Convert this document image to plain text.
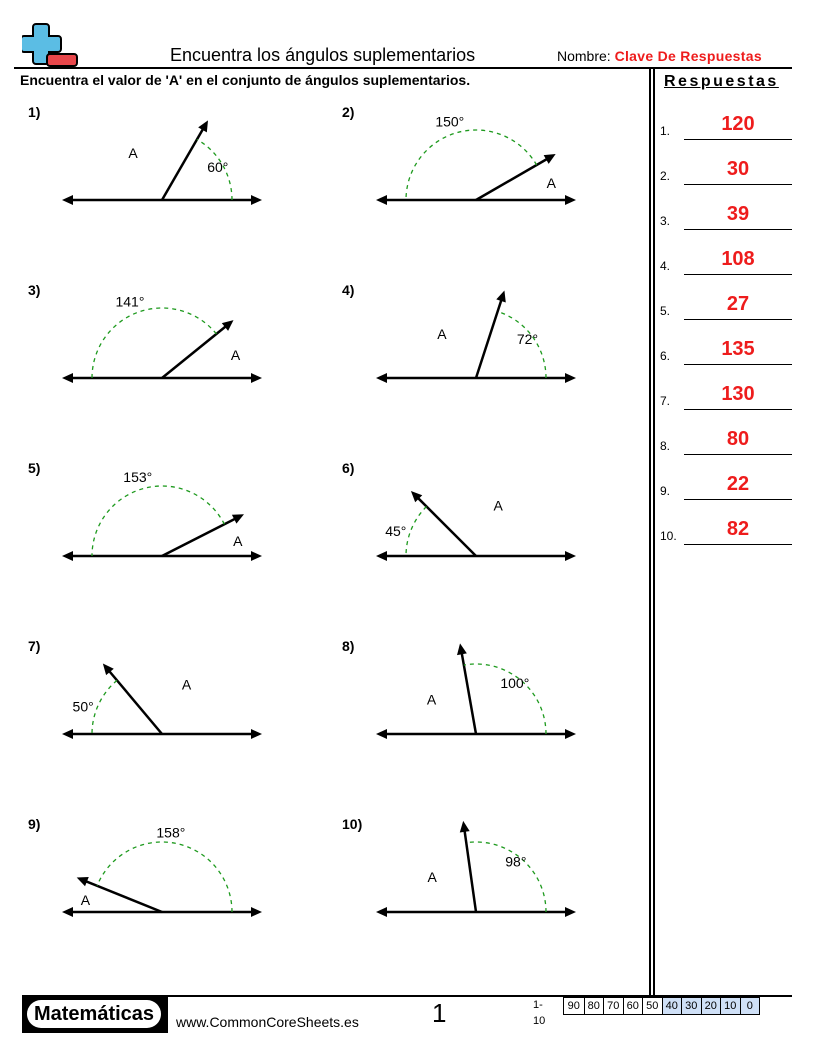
Encuentra los ángulos suplementarios	Nombre: Clave De Respuestas
Encuentra el valor de 'A' en el conjunto de ángulos suplementarios.	Respuestas
1.	120
2.	30
3.	39
4.	108
5.	27
6.	135
7.	130
8.	80
9.	22
10.	82
1)
60°
A
2)
150°
A
3)
141°
A
4)
72°
A
5)
153°
A
6)
45°
A
7)
50°
A
8)
100°
A
9)
158°
A
10)
98°
A
Matemáticas	www.CommonCoreSheets.es	1	1-10
90 80 70 60 50 40 30 20 10 0
